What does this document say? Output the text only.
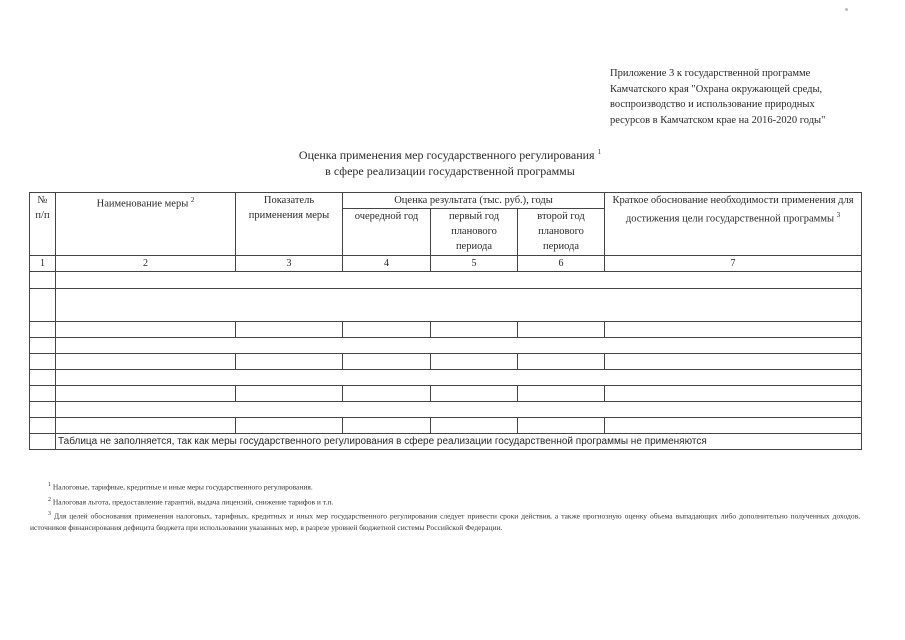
Приложение 3 к государственной программе
Камчатского края "Охрана окружающей среды,
воспроизводство и использование природных
ресурсов в Камчатском крае на 2016-2020 годы"
Оценка применения мер государственного регулирования $^1$
в сфере реализации государственной программы
№ п/п	Наименование меры $^2$	Показатель применения меры	Оценка результата (тыс. руб.), годы			Краткое обоснование необходимости применения для достижения цели государственной программы $^3$
			очередной год	первый год планового периода	второй год планового периода	
1	2	3	4	5	6	7

	Таблица не заполняется, так как меры государственного регулирования в сфере реализации государственной программы не применяются					

$^1$ Налоговые, тарифные, кредитные и иные меры государственного регулирования.

$^2$ Налоговая льгота, предоставление гарантий, выдача лицензий, снижение тарифов и т.п.

$^3$ Для целей обоснования применения налоговых, тарифных, кредитных и иных мер государственного регулирования следует привести сроки действия, а также прогнозную оценку объема выпадающих либо дополнительно полученных доходов, источников финансирования дефицита бюджета при использовании указанных мер, в разрезе уровней бюджетной системы Российской Федерации.
